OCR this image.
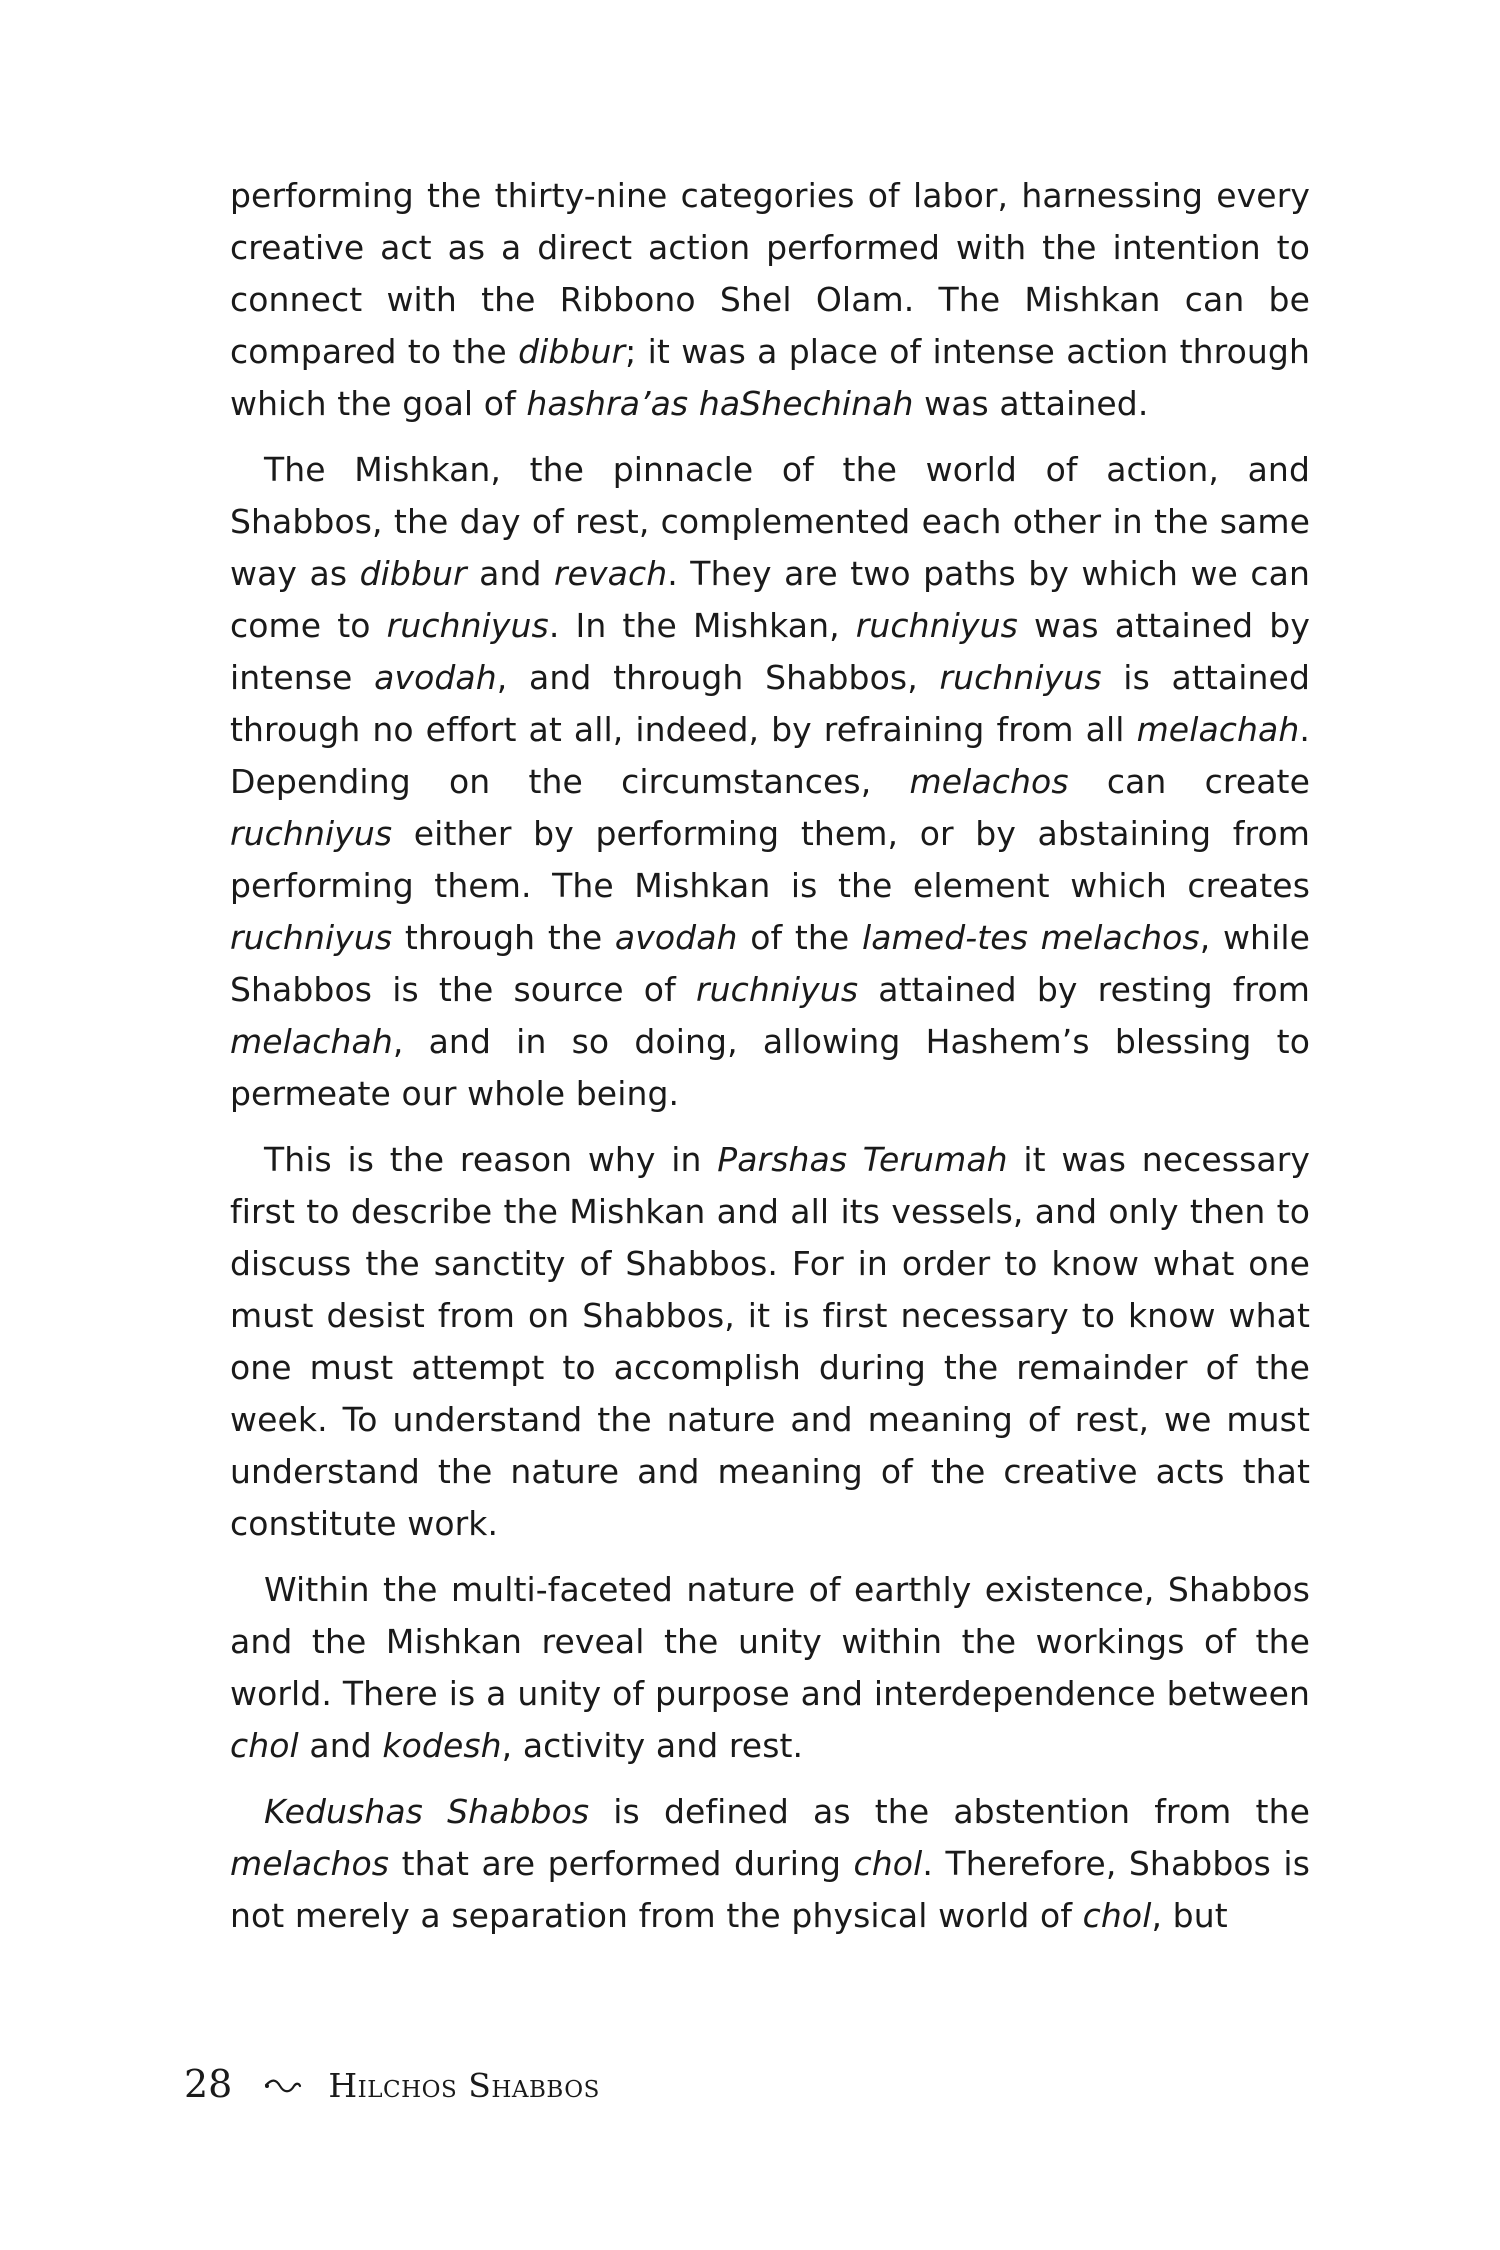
performing the thirty-nine categories of labor, harnessing every creative act as a direct action performed with the intention to connect with the Ribbono Shel Olam. The Mishkan can be compared to the dibbur; it was a place of intense action through which the goal of hashra’as haShechinah was attained.

The Mishkan, the pinnacle of the world of action, and Shabbos, the day of rest, complemented each other in the same way as dibbur and revach. They are two paths by which we can come to ruchniyus. In the Mishkan, ruchniyus was attained by intense avodah, and through Shabbos, ruchniyus is attained through no effort at all, indeed, by refraining from all melachah. Depending on the circumstances, melachos can create ruchniyus either by performing them, or by abstaining from performing them. The Mishkan is the element which creates ruchniyus through the avodah of the lamed-tes melachos, while Shabbos is the source of ruchniyus attained by resting from melachah, and in so doing, allowing Hashem’s blessing to permeate our whole being.

This is the reason why in Parshas Terumah it was necessary first to describe the Mishkan and all its vessels, and only then to discuss the sanctity of Shabbos. For in order to know what one must desist from on Shabbos, it is first necessary to know what one must attempt to accomplish during the remainder of the week. To understand the nature and meaning of rest, we must understand the nature and meaning of the creative acts that constitute work.

Within the multi-faceted nature of earthly existence, Shabbos and the Mishkan reveal the unity within the workings of the world. There is a unity of purpose and interdependence between chol and kodesh, activity and rest.

Kedushas Shabbos is defined as the abstention from the melachos that are performed during chol. Therefore, Shabbos is not merely a separation from the physical world of chol, but

28	Hilchos Shabbos
